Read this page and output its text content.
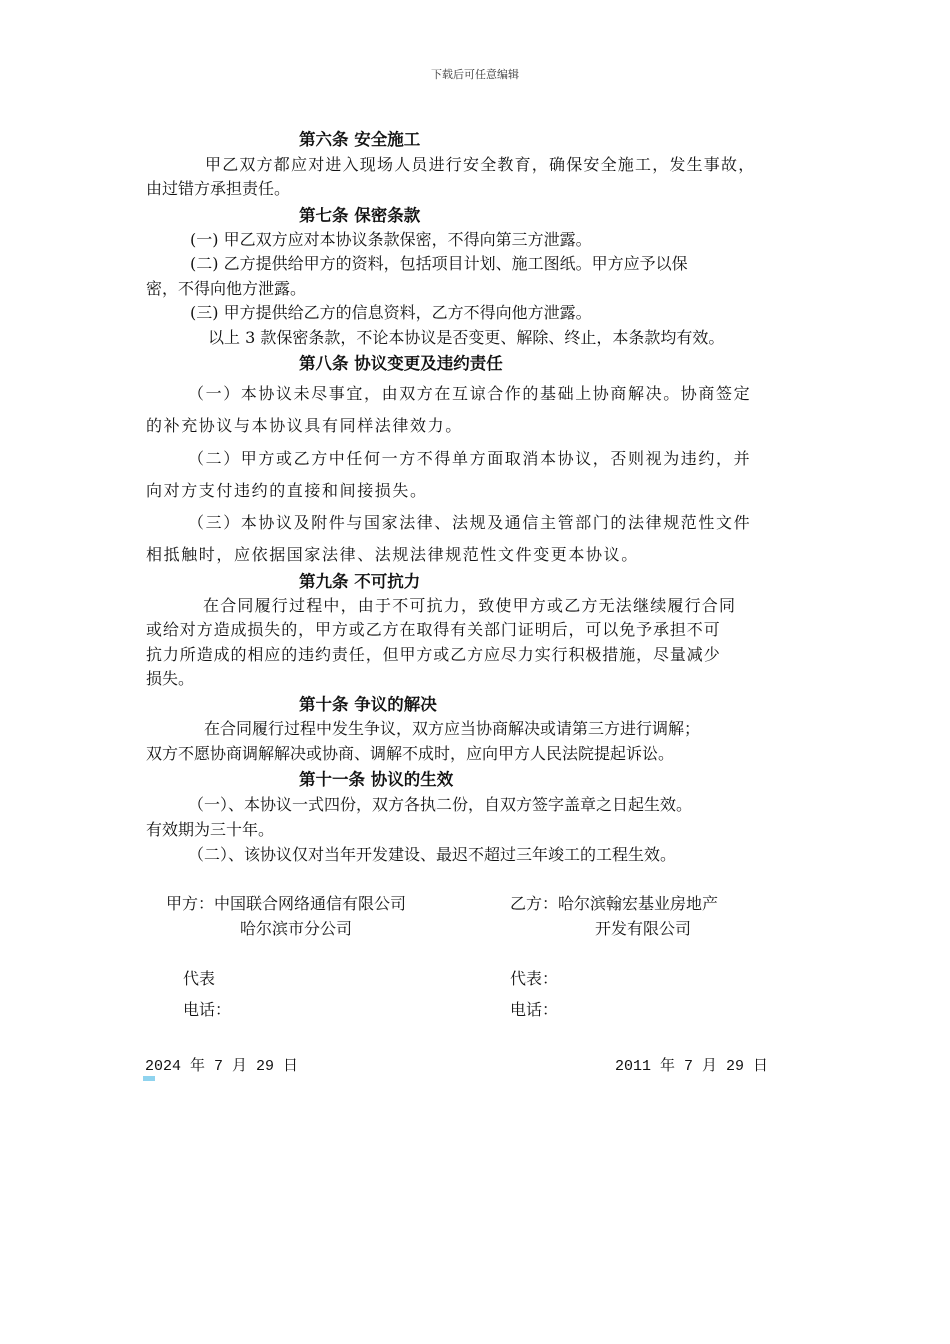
下载后可任意编辑
第六条 安全施工
甲乙双方都应对进入现场人员进行安全教育，确保安全施工，发生事故，
由过错方承担责任。
第七条 保密条款
(一) 甲乙双方应对本协议条款保密，不得向第三方泄露。
(二) 乙方提供给甲方的资料，包括项目计划、施工图纸。甲方应予以保
密，不得向他方泄露。
(三) 甲方提供给乙方的信息资料，乙方不得向他方泄露。
以上 3 款保密条款，不论本协议是否变更、解除、终止，本条款均有效。
第八条 协议变更及违约责任
（一）本协议未尽事宜，由双方在互谅合作的基础上协商解决。协商签定
的补充协议与本协议具有同样法律效力。
（二）甲方或乙方中任何一方不得单方面取消本协议，否则视为违约，并
向对方支付违约的直接和间接损失。
（三）本协议及附件与国家法律、法规及通信主管部门的法律规范性文件
相抵触时，应依据国家法律、法规法律规范性文件变更本协议。
第九条 不可抗力
在合同履行过程中，由于不可抗力，致使甲方或乙方无法继续履行合同
或给对方造成损失的，甲方或乙方在取得有关部门证明后，可以免予承担不可
抗力所造成的相应的违约责任，但甲方或乙方应尽力实行积极措施，尽量减少
损失。
第十条 争议的解决
在合同履行过程中发生争议，双方应当协商解决或请第三方进行调解；
双方不愿协商调解解决或协商、调解不成时，应向甲方人民法院提起诉讼。
第十一条 协议的生效
（一）、本协议一式四份，双方各执二份，自双方签字盖章之日起生效。
有效期为三十年。
（二）、该协议仅对当年开发建设、最迟不超过三年竣工的工程生效。
甲方：中国联合网络通信有限公司
哈尔滨市分公司
乙方：哈尔滨翰宏基业房地产
开发有限公司
代表	代表：
电话：	电话：
2024 年 7 月 29 日	2011 年 7 月 29 日
